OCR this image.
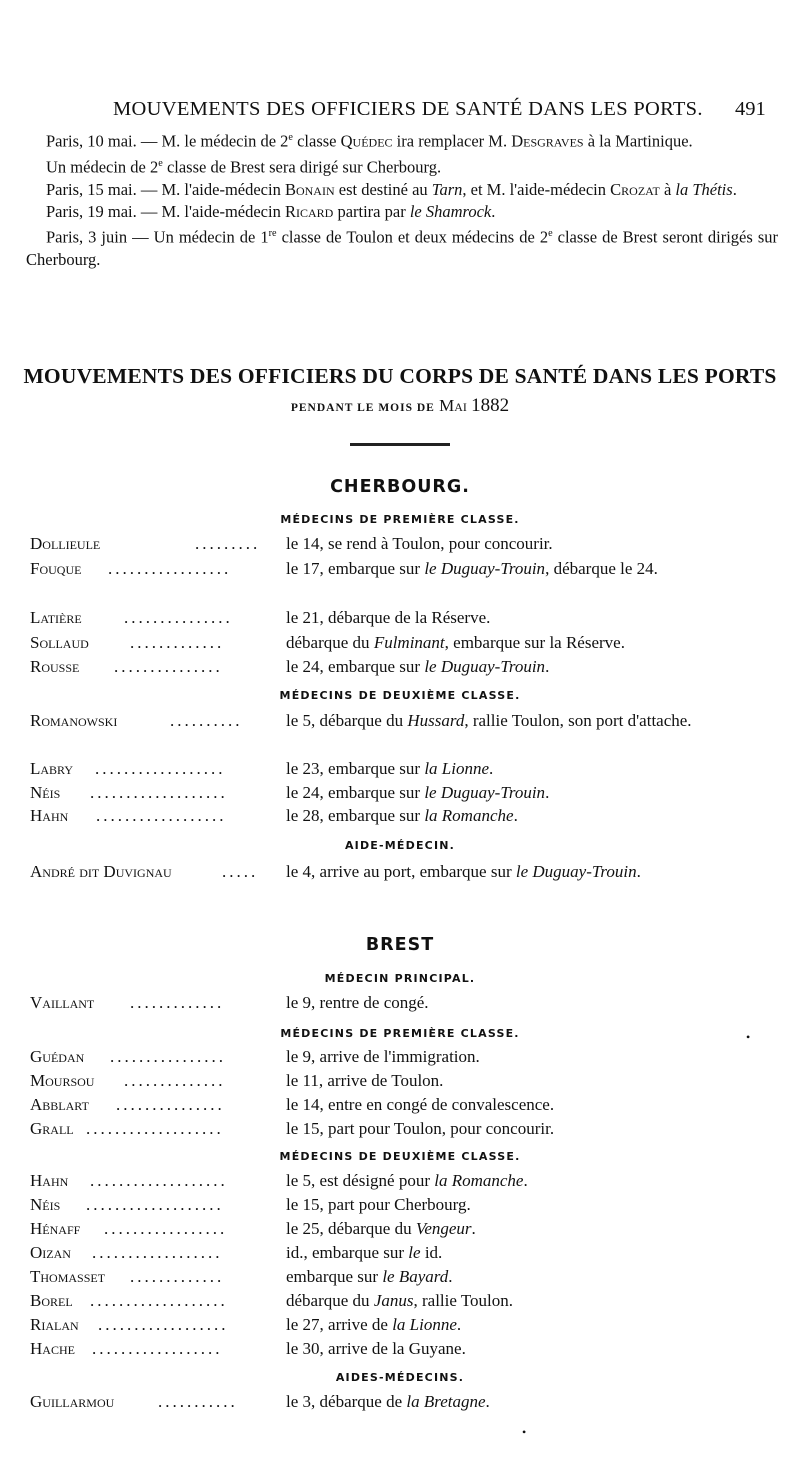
MOUVEMENTS DES OFFICIERS DE SANTÉ DANS LES PORTS. 491

Paris, 10 mai. — M. le médecin de 2e classe Quédec ira remplacer M. Desgraves à la Martinique.

Un médecin de 2e classe de Brest sera dirigé sur Cherbourg.

Paris, 15 mai. — M. l'aide-médecin Bonain est destiné au Tarn, et M. l'aide-médecin Crozat à la Thétis.

Paris, 19 mai. — M. l'aide-médecin Ricard partira par le Shamrock.

Paris, 3 juin — Un médecin de 1re classe de Toulon et deux médecins de 2e classe de Brest seront dirigés sur Cherbourg.

MOUVEMENTS DES OFFICIERS DU CORPS DE SANTÉ DANS LES PORTS
PENDANT LE MOIS DE Mai 1882
CHERBOURG.
MÉDECINS DE PREMIÈRE CLASSE.
Dollieule	......... le 14, se rend à Toulon, pour concourir.
Fouque .................	le 17, embarque sur le Duguay-Trouin, débarque le 24.
Latière ...............	le 21, débarque de la Réserve.
Sollaud .............	débarque du Fulminant, embarque sur la Réserve.
Rousse ...............	le 24, embarque sur le Duguay-Trouin.
MÉDECINS DE DEUXIÈME CLASSE.
Romanowski	..........	le 5, débarque du Hussard, rallie Toulon, son port d'attache.
Labry ..................	le 23, embarque sur la Lionne.
Néis ...................	le 24, embarque sur le Duguay-Trouin.
Hahn ..................	le 28, embarque sur la Romanche.
AIDE-MÉDECIN.
André dit Duvignau	..... le 4, arrive au port, embarque sur le Duguay-Trouin.
BREST
MÉDECIN PRINCIPAL.
Vaillant .............	le 9, rentre de congé.
MÉDECINS DE PREMIÈRE CLASSE.
Guédan ................	le 9, arrive de l'immigration.
Moursou ..............	le 11, arrive de Toulon.
Abblart ...............	le 14, entre en congé de convalescence.
Grall ...................	le 15, part pour Toulon, pour concourir.
MÉDECINS DE DEUXIÈME CLASSE.
Hahn ...................	le 5, est désigné pour la Romanche.
Néis ...................	le 15, part pour Cherbourg.
Hénaff .................	le 25, débarque du Vengeur.
Oizan ..................	id., embarque sur le id.
Thomasset .............	embarque sur le Bayard.
Borel ...................	débarque du Janus, rallie Toulon.
Rialan ..................	le 27, arrive de la Lionne.
Hache ..................	le 30, arrive de la Guyane.
AIDES-MÉDECINS.
Guillarmou	...........	le 3, débarque de la Bretagne.
•
•
